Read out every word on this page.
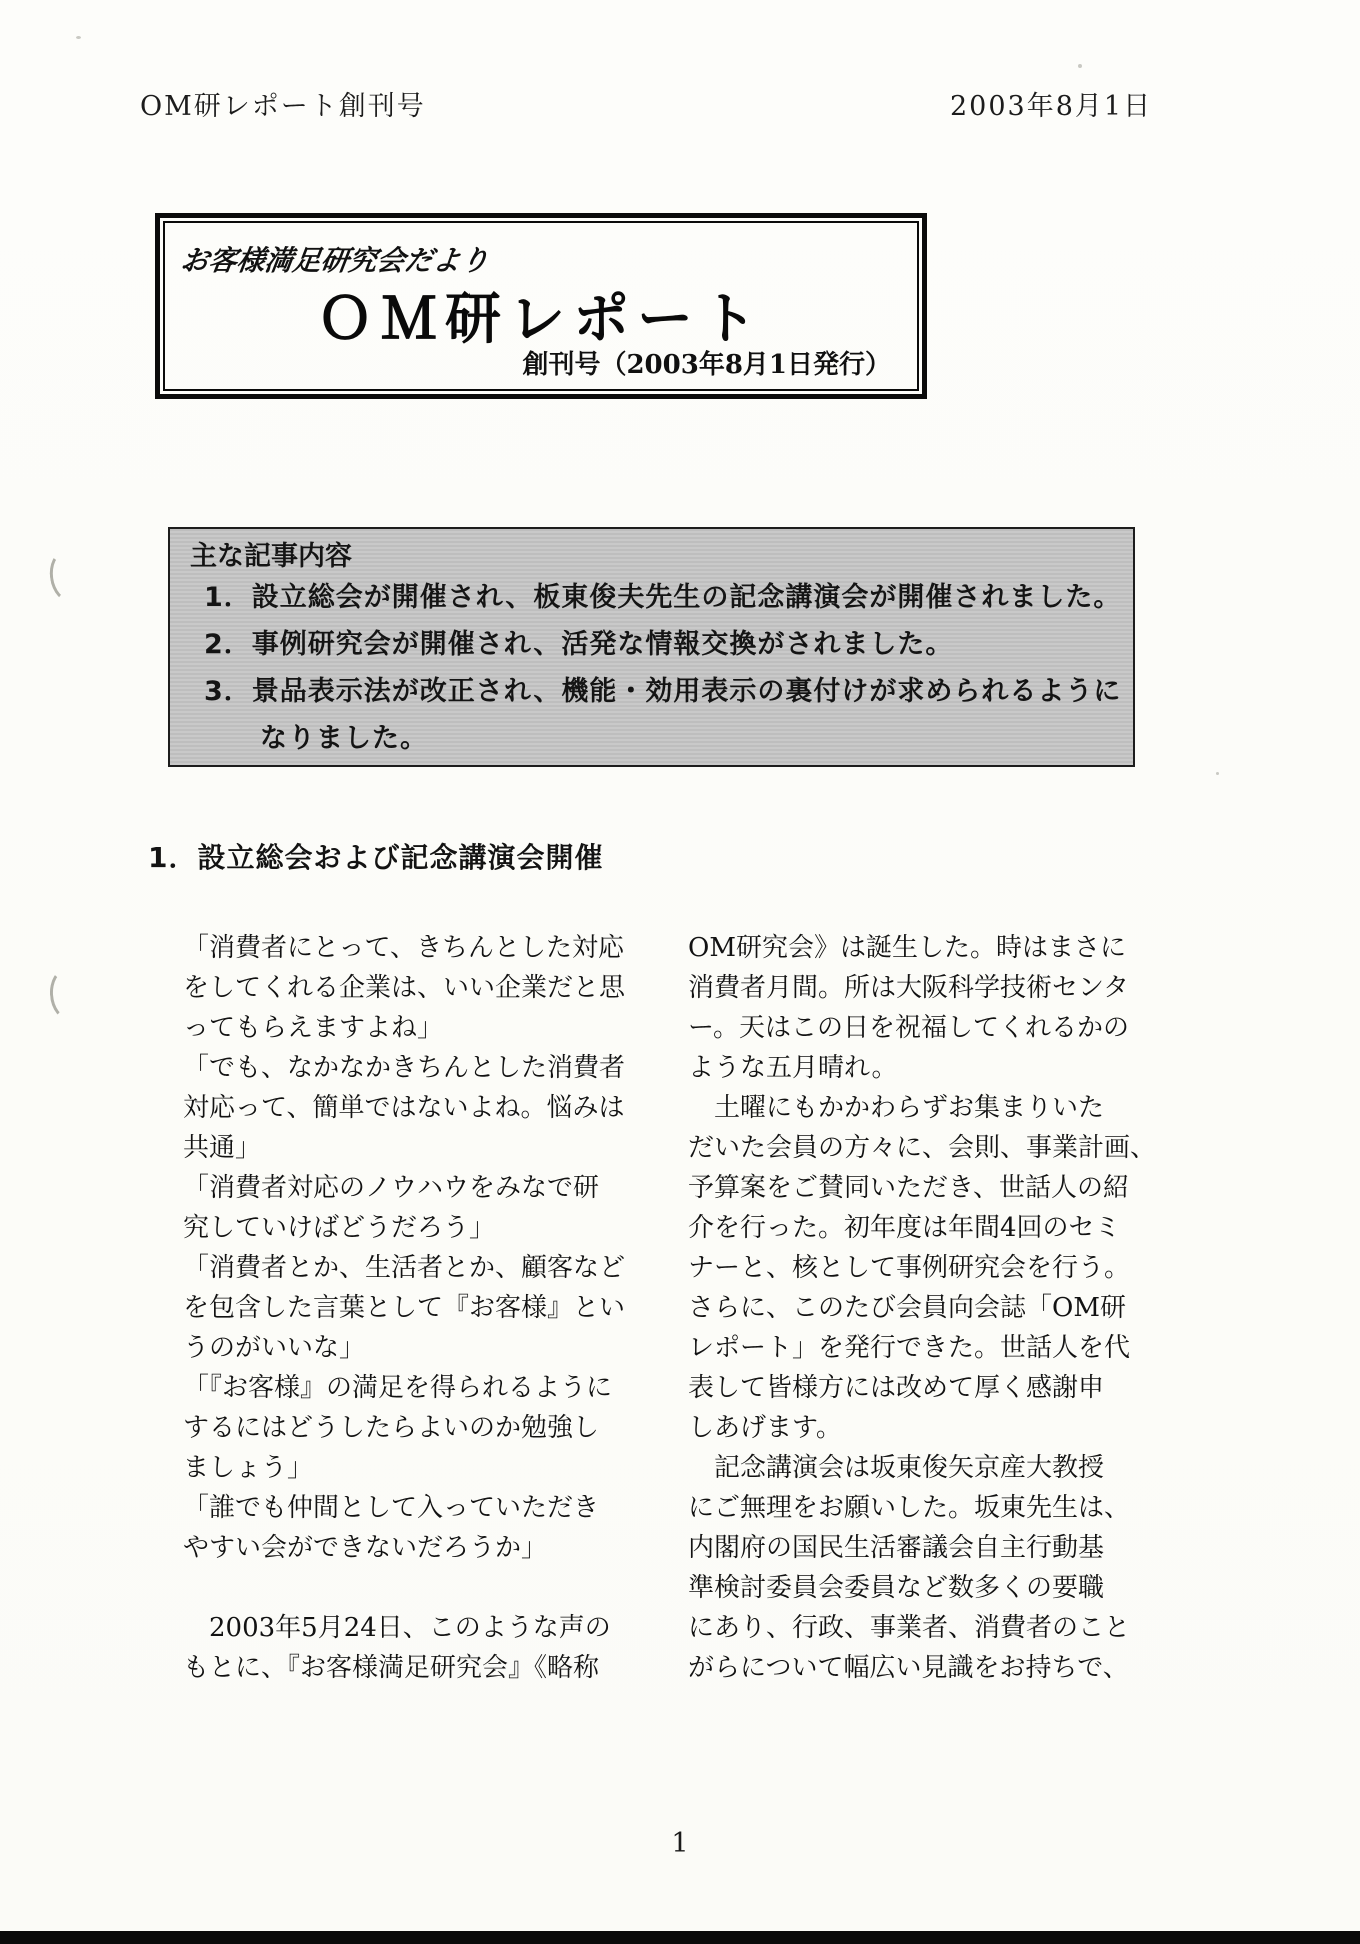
OM研レポート創刊号	2003年8月1日
お客様満足研究会だより
ＯＭ研レポート
創刊号（2003年8月1日発行）
主な記事内容
1．設立総会が開催され、板東俊夫先生の記念講演会が開催されました。
2．事例研究会が開催され、活発な情報交換がされました。
3．景品表示法が改正され、機能・効用表示の裏付けが求められるように
　　なりました。
1．設立総会および記念講演会開催
「消費者にとって、きちんとした対応
をしてくれる企業は、いい企業だと思
ってもらえますよね」
「でも、なかなかきちんとした消費者
対応って、簡単ではないよね。悩みは
共通」
「消費者対応のノウハウをみなで研
究していけばどうだろう」
「消費者とか、生活者とか、顧客など
を包含した言葉として『お客様』とい
うのがいいな」
「『お客様』の満足を得られるように
するにはどうしたらよいのか勉強し
ましょう」
「誰でも仲間として入っていただき
やすい会ができないだろうか」
　2003年5月24日、このような声の
もとに、『お客様満足研究会』《略称
OM研究会》は誕生した。時はまさに
消費者月間。所は大阪科学技術センタ
ー。天はこの日を祝福してくれるかの
ような五月晴れ。
　土曜にもかかわらずお集まりいた
だいた会員の方々に、会則、事業計画、
予算案をご賛同いただき、世話人の紹
介を行った。初年度は年間4回のセミ
ナーと、核として事例研究会を行う。
さらに、このたび会員向会誌「OM研
レポート」を発行できた。世話人を代
表して皆様方には改めて厚く感謝申
しあげます。
　記念講演会は坂東俊矢京産大教授
にご無理をお願いした。坂東先生は、
内閣府の国民生活審議会自主行動基
準検討委員会委員など数多くの要職
にあり、行政、事業者、消費者のこと
がらについて幅広い見識をお持ちで、
1
